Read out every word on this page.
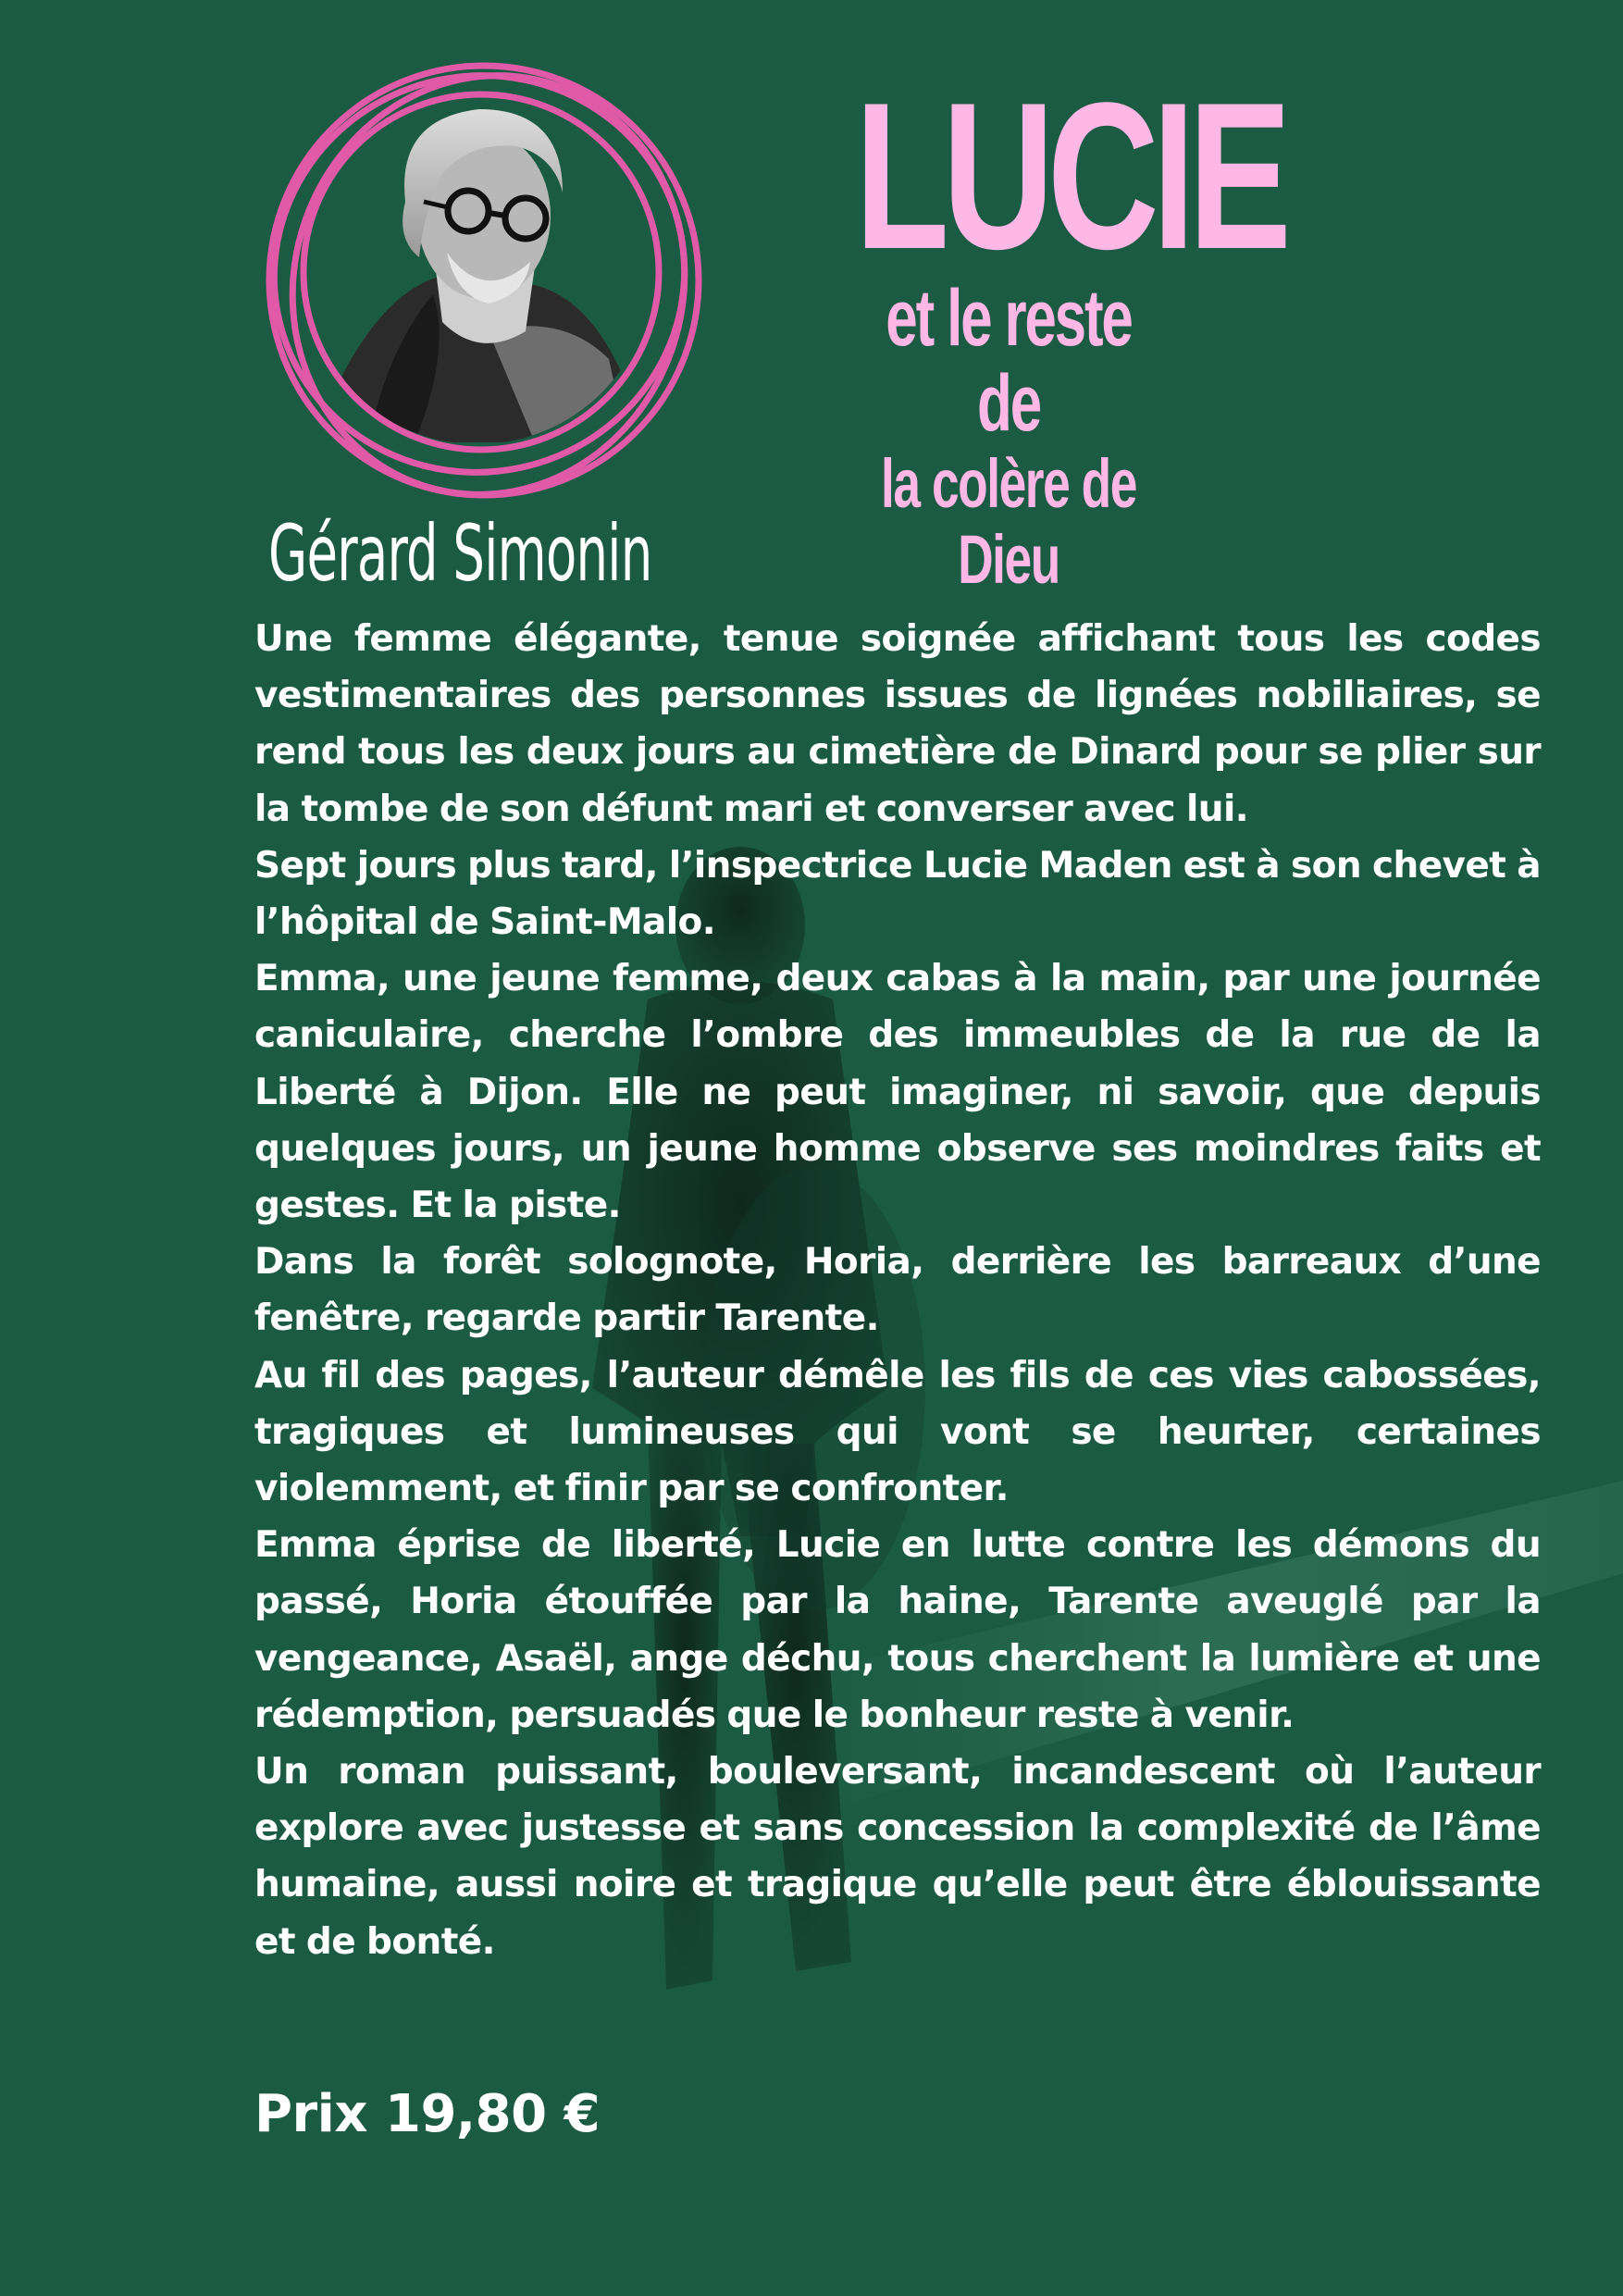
LUCIE
et le reste de
la colère de Dieu
Gérard Simonin

Une femme élégante, tenue soignée affichant tous les codes vestimentaires des personnes issues de lignées nobiliaires, se rend tous les deux jours au cimetière de Dinard pour se plier sur la tombe de son défunt mari et converser avec lui.

Sept jours plus tard, l’inspectrice Lucie Maden est à son chevet à l’hôpital de Saint-Malo.

Emma, une jeune femme, deux cabas à la main, par une journée caniculaire, cherche l’ombre des immeubles de la rue de la Liberté à Dijon. Elle ne peut imaginer, ni savoir, que depuis quelques jours, un jeune homme observe ses moindres faits et gestes. Et la piste.

Dans la forêt solognote, Horia, derrière les barreaux d’une fenêtre, regarde partir Tarente.

Au fil des pages, l’auteur démêle les fils de ces vies cabossées, tragiques et lumineuses qui vont se heurter, certaines violemment, et finir par se confronter.

Emma éprise de liberté, Lucie en lutte contre les démons du passé, Horia étouffée par la haine, Tarente aveuglé par la vengeance, Asaël, ange déchu, tous cherchent la lumière et une rédemption, persuadés que le bonheur reste à venir.

Un roman puissant, bouleversant, incandescent où l’auteur explore avec justesse et sans concession la complexité de l’âme humaine, aussi noire et tragique qu’elle peut être éblouissante et de bonté.

Prix 19,80 €
